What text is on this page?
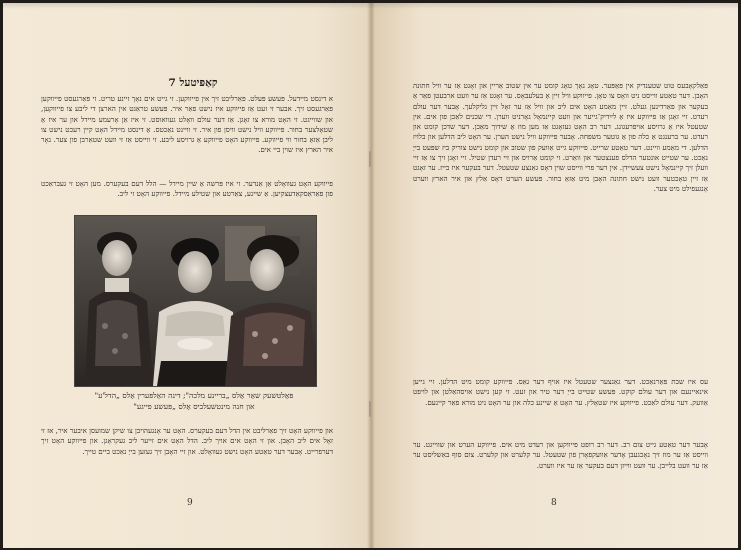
קאַפּיטעל 7
א דינסט מיידעל. פּעשע פּעלט. פּאַרליבט זיך אין פייווקען. זי גייט אים נאָך זיינע טריט. זי פּאַרגעסט פייווקען פּאַרגעסט זיך. אבער זי זעט אַז פייווקע איז נישט פאַר איר. פּעשע טראַגט אין הארצן די ליבע צו פייווקען, און שווייגט. זי האָט מורא צו זאָגן. אַז דער עולם וואָלט געוואוסט. זי איז אַן אָרעמע מיידל און ער איז אַ שטאָלצער בחור. פייווקע וויל נישט וויסן פון איר. זי וויינט נאַכטס. אַ דינסט מיידל האָט קיין רעכט נישט צו ליבן אַזאַ בחור ווי פייווקע. פייווקע האָט פייווקע אַ גרויסע ליבע. זי ווייסט אַז זי וועט שטאַרבן פון צער. נאָר איר הארץ איז שוין ביי אים.
פייווקע האָט געוואָלט אַן אַנדער. זי איז פּרשה אַ שיין מיידל — הלל דעם בעקערס. מען האָט זי געבראַכט פון פאַראַסקאַדעצקיען. אַ שיינע, צאַרטע און שטילע מיידל. פייווקע האָט זי ליב.
פּאַלטשעק שאַר אַלס „בריינע מלכה"; דינה האַלפּערין אַלס „הדל'ע"
און חנה מינטשעלביס אַלס „פּעשע פייגע"
און פייווקע האָט זיך פאַרליבט אין הדל דעם בעקערס. האָט ער אָנגעהויבן צו שיקן שמועסן איבער איר, אז זי זאָל אים ליב האָבן. און זי האָט אים אויך ליב. הדל האָט אים זייער ליב געקראָגן. און פייווקע האָט זיך דערפרייט. אָבער דער טאַטע האָט נישט געוואָלט. און זיי האָבן זיך געזען בייַ נאַכט ביים טייך.
9
פּאַלקאָבעס טוט שטענדיק אין פּאַפּער. טאָג נאָך טאָג קומט ער אין שטוב אַריין און זאָגט אַז ער וויל חתונה האָבן. דער טאַטע ווייסט ניט וואָס צו טאָן. פייווקע וויל זיין אַ בעלעבאָס. ער זאָגט אַז ער וועט ארבעטן פאַר אַ בעקער און פאַרדינען געלט. זיין מאַמע האָט אים ליב און וויל אַז ער זאָל זיין גליקלעך. אָבער דער עולם רעדט. זיי זאָגן אַז פייווקע איז אַ לײַדיק־גייער און וועט קיינמאָל גאָרניט ווערן. די שכנים לאַכן פון אים. אין שטעטל איז אַ גרויסע אויפרעגונג. דער רב האָט געזאָגט אַז מען מוז אַ שידוך מאַכן. דער שדכן קומט און רעדט. ער ברענגט אַ כלה פון אַ גוטער משפחה. אָבער פייווקע וויל נישט הערן. ער האָט ליב הדלען און בלויז הדלען. די מאַמע וויינט. דער טאַטע שרייט. פייווקע גייט אַוועק פון שטוב און קומט נישט צוריק ביז שפּעט בייַ נאַכט. ער שטייט אונטער הדלס פענצטער און וואַרט. זי קומט אַרויס און זיי רעדן שטיל. זיי זאָגן זיך צו אַז זיי וועלן זיך קיינמאָל נישט צעשיידן. אין דער פרי ווייסט שוין דאָס גאַנצע שטעטל. דער בעקער איז בייז. ער זאָגט אַז זיין טאָכטער וועט נישט חתונה האָבן מיט אַזאַ בחור. פּעשע הערט דאָס אַלץ און איר הארץ ווערט אָנגעפילט מיט צער.
עס איז שבת פּאַרנאַכט. דער גאַנצער שטעטל איז אויף דער גאַס. פייווקע קומט מיט הדלען. זיי גייען אינאיינעם און דער עולם קוקט. פּעשע שטייט בייַ דער טיר און זעט. זי קען נישט אויסהאַלטן און לויפט אַוועק. דער עולם לאַכט. פייווקע איז שטאָלץ. ער האָט אַ שיינע כלה און ער האָט ניט מורא פאַר קיינעם.
אָבער דער טאַטע גייט צום רב. דער רב רופט פייווקען און רעדט מיט אים. פייווקע הערט און שווייגט. ער ווייסט אַז ער מוז זיך נאָכגעבן אָדער אַוועקפאָרן פון שטעטל. ער קלערט און קלערט. צום סוף באַשליסט ער אַז ער וועט בלייבן. ער וועט ווייזן דעם בעקער אַז ער איז ווערט.
8
